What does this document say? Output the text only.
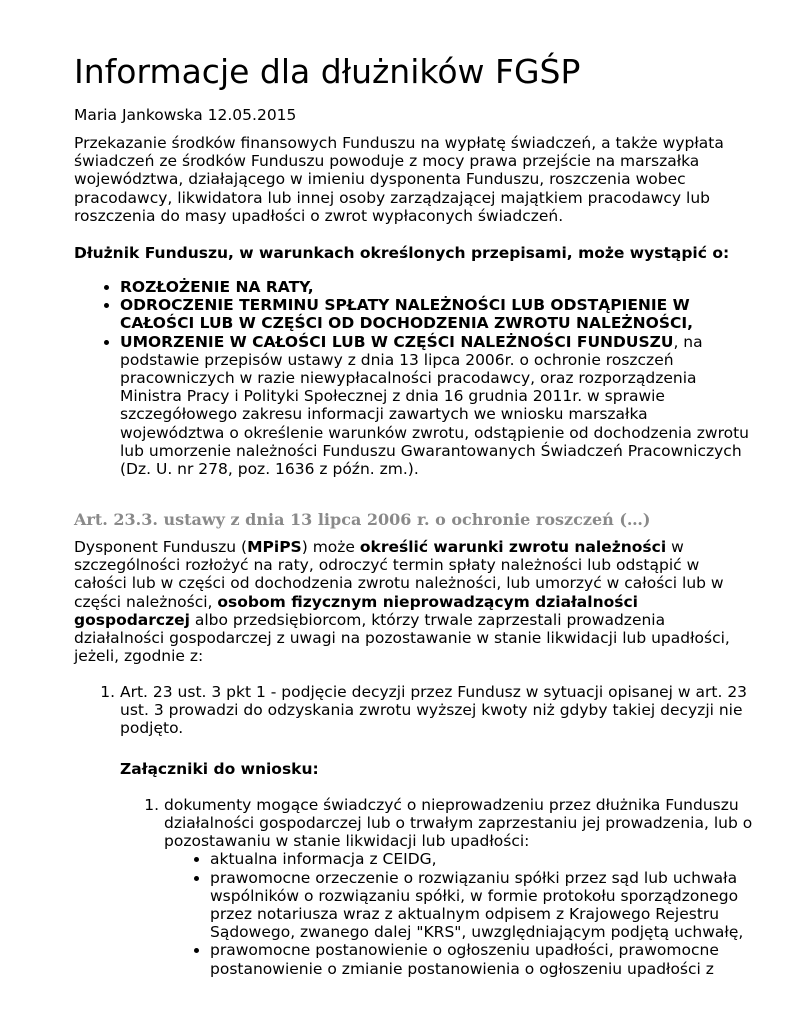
Informacje dla dłużników FGŚP
Maria Jankowska 12.05.2015

Przekazanie środków finansowych Funduszu na wypłatę świadczeń, a także wypłata świadczeń ze środków Funduszu powoduje z mocy prawa przejście na marszałka województwa, działającego w imieniu dysponenta Funduszu, roszczenia wobec pracodawcy, likwidatora lub innej osoby zarządzającej majątkiem pracodawcy lub roszczenia do masy upadłości o zwrot wypłaconych świadczeń.

Dłużnik Funduszu, w warunkach określonych przepisami, może wystąpić o:

• ROZŁOŻENIE NA RATY,
• ODROCZENIE TERMINU SPŁATY NALEŻNOŚCI LUB ODSTĄPIENIE W CAŁOŚCI LUB W CZĘŚCI OD DOCHODZENIA ZWROTU NALEŻNOŚCI,
• UMORZENIE W CAŁOŚCI LUB W CZĘŚCI NALEŻNOŚCI FUNDUSZU, na podstawie przepisów ustawy z dnia 13 lipca 2006r. o ochronie roszczeń pracowniczych w razie niewypłacalności pracodawcy, oraz rozporządzenia Ministra Pracy i Polityki Społecznej z dnia 16 grudnia 2011r. w sprawie szczegółowego zakresu informacji zawartych we wniosku marszałka województwa o określenie warunków zwrotu, odstąpienie od dochodzenia zwrotu lub umorzenie należności Funduszu Gwarantowanych Świadczeń Pracowniczych (Dz. U. nr 278, poz. 1636 z późn. zm.).

Art. 23.3. ustawy z dnia 13 lipca 2006 r. o ochronie roszczeń (…)

Dysponent Funduszu (MPiPS) może określić warunki zwrotu należności w szczególności rozłożyć na raty, odroczyć termin spłaty należności lub odstąpić w całości lub w części od dochodzenia zwrotu należności, lub umorzyć w całości lub w części należności, osobom fizycznym nieprowadzącym działalności gospodarczej albo przedsiębiorcom, którzy trwale zaprzestali prowadzenia działalności gospodarczej z uwagi na pozostawanie w stanie likwidacji lub upadłości, jeżeli, zgodnie z:

1. Art. 23 ust. 3 pkt 1 - podjęcie decyzji przez Fundusz w sytuacji opisanej w art. 23 ust. 3 prowadzi do odzyskania zwrotu wyższej kwoty niż gdyby takiej decyzji nie podjęto.

Załączniki do wniosku:

1. dokumenty mogące świadczyć o nieprowadzeniu przez dłużnika Funduszu działalności gospodarczej lub o trwałym zaprzestaniu jej prowadzenia, lub o pozostawaniu w stanie likwidacji lub upadłości:
• aktualna informacja z CEIDG,
• prawomocne orzeczenie o rozwiązaniu spółki przez sąd lub uchwała wspólników o rozwiązaniu spółki, w formie protokołu sporządzonego przez notariusza wraz z aktualnym odpisem z Krajowego Rejestru Sądowego, zwanego dalej "KRS", uwzględniającym podjętą uchwałę,
• prawomocne postanowienie o ogłoszeniu upadłości, prawomocne postanowienie o zmianie postanowienia o ogłoszeniu upadłości z
